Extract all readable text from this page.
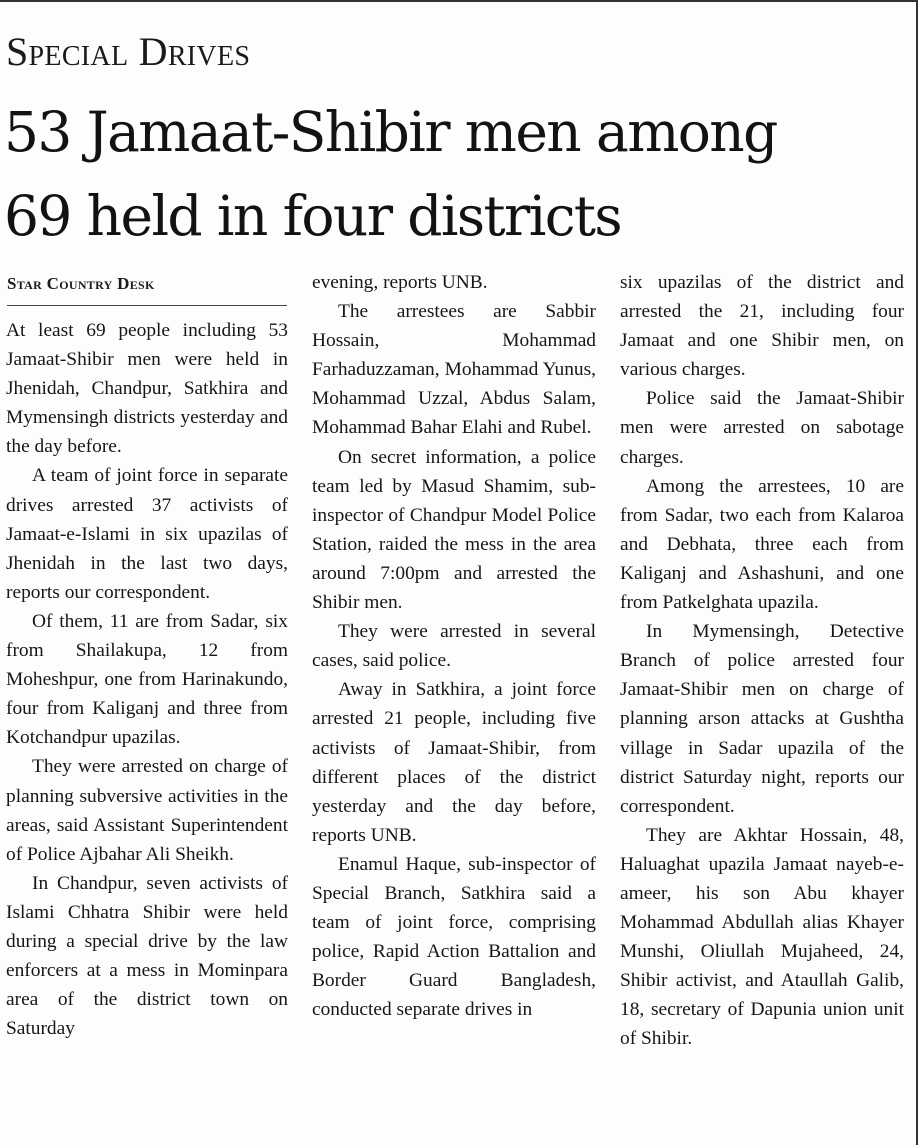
Special Drives
53 Jamaat-Shibir men among
69 held in four districts
Star Country Desk

At least 69 people including 53 Jamaat-Shibir men were held in Jhenidah, Chandpur, Satkhira and Mymensingh districts yesterday and the day before.

A team of joint force in separate drives arrested 37 activists of Jamaat-e-Islami in six upazilas of Jhenidah in the last two days, reports our correspondent.

Of them, 11 are from Sadar, six from Shailakupa, 12 from Moheshpur, one from Harinakundo, four from Kaliganj and three from Kotchandpur upazilas.

They were arrested on charge of planning subversive activities in the areas, said Assistant Superintendent of Police Ajbahar Ali Sheikh.

In Chandpur, seven activists of Islami Chhatra Shibir were held during a special drive by the law enforcers at a mess in Mominpara area of the district town on Saturday

evening, reports UNB.

The arrestees are Sabbir Hossain, Mohammad Farhaduzzaman, Mohammad Yunus, Mohammad Uzzal, Abdus Salam, Mohammad Bahar Elahi and Rubel.

On secret information, a police team led by Masud Shamim, sub-inspector of Chandpur Model Police Station, raided the mess in the area around 7:00pm and arrested the Shibir men.

They were arrested in several cases, said police.

Away in Satkhira, a joint force arrested 21 people, including five activists of Jamaat-Shibir, from different places of the district yesterday and the day before, reports UNB.

Enamul Haque, sub-inspector of Special Branch, Satkhira said a team of joint force, comprising police, Rapid Action Battalion and Border Guard Bangladesh, conducted separate drives in

six upazilas of the district and arrested the 21, including four Jamaat and one Shibir men, on various charges.

Police said the Jamaat-Shibir men were arrested on sabotage charges.

Among the arrestees, 10 are from Sadar, two each from Kalaroa and Debhata, three each from Kaliganj and Ashashuni, and one from Patkelghata upazila.

In Mymensingh, Detective Branch of police arrested four Jamaat-Shibir men on charge of planning arson attacks at Gushtha village in Sadar upazila of the district Saturday night, reports our correspondent.

They are Akhtar Hossain, 48, Haluaghat upazila Jamaat nayeb-e-ameer, his son Abu khayer Mohammad Abdullah alias Khayer Munshi, Oliullah Mujaheed, 24, Shibir activist, and Ataullah Galib, 18, secretary of Dapunia union unit of Shibir.
